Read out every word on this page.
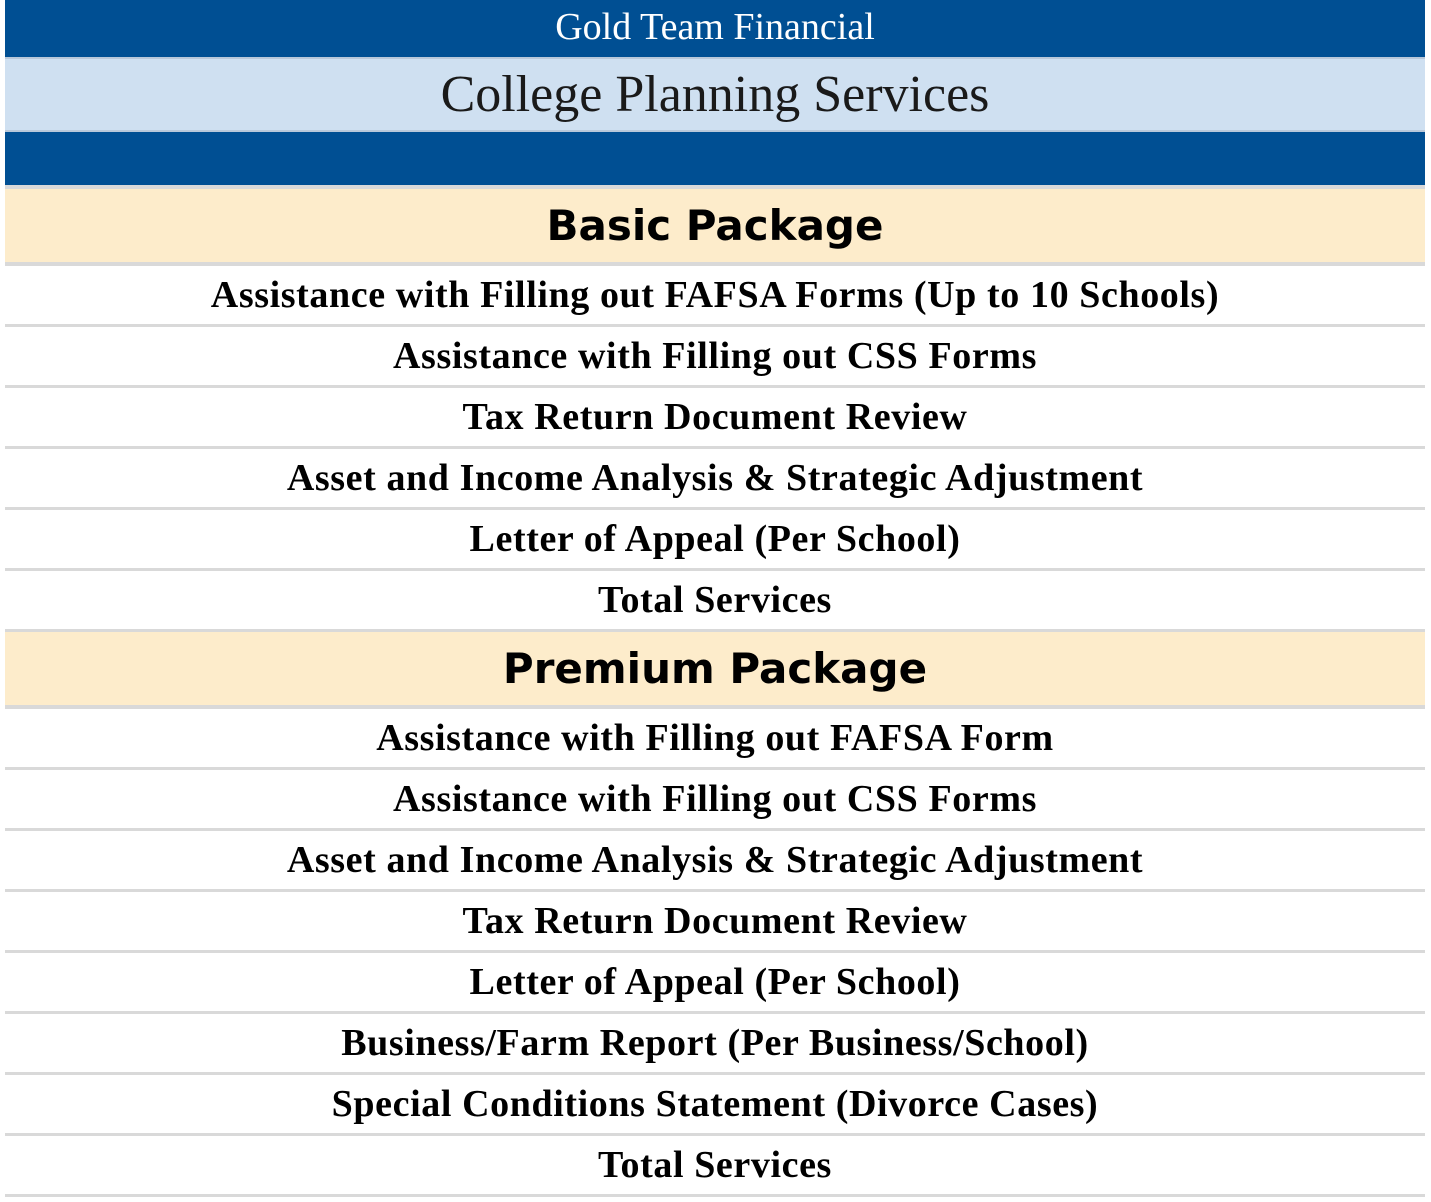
Gold Team Financial
College Planning Services
Basic Package
Assistance with Filling out FAFSA Forms (Up to 10 Schools)
Assistance with Filling out CSS Forms
Tax Return Document Review
Asset and Income Analysis & Strategic Adjustment
Letter of Appeal (Per School)
Total Services
Premium Package
Assistance with Filling out FAFSA Form
Assistance with Filling out CSS Forms
Asset and Income Analysis & Strategic Adjustment
Tax Return Document Review
Letter of Appeal (Per School)
Business/Farm Report (Per Business/School)
Special Conditions Statement (Divorce Cases)
Total Services
